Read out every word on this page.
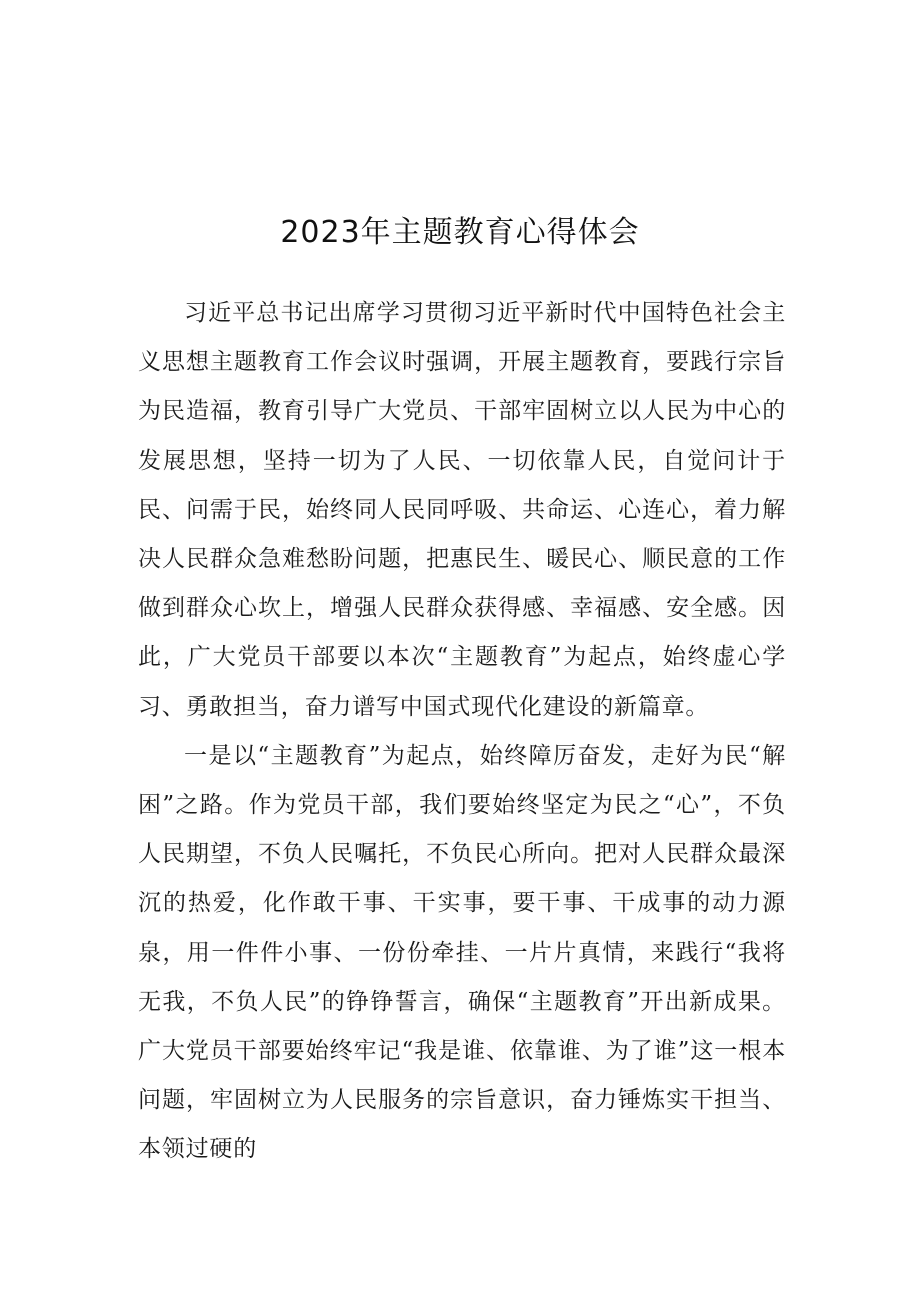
2023年主题教育心得体会

习近平总书记出席学习贯彻习近平新时代中国特色社会主义思想主题教育工作会议时强调，开展主题教育，要践行宗旨为民造福，教育引导广大党员、干部牢固树立以人民为中心的发展思想，坚持一切为了人民、一切依靠人民，自觉问计于民、问需于民，始终同人民同呼吸、共命运、心连心，着力解决人民群众急难愁盼问题，把惠民生、暖民心、顺民意的工作做到群众心坎上，增强人民群众获得感、幸福感、安全感。因此，广大党员干部要以本次“主题教育”为起点，始终虚心学习、勇敢担当，奋力谱写中国式现代化建设的新篇章。

一是以“主题教育”为起点，始终障厉奋发，走好为民“解困”之路。作为党员干部，我们要始终坚定为民之“心”，不负人民期望，不负人民嘱托，不负民心所向。把对人民群众最深沉的热爱，化作敢干事、干实事，要干事、干成事的动力源泉，用一件件小事、一份份牵挂、一片片真情，来践行“我将无我，不负人民”的铮铮誓言，确保“主题教育”开出新成果。广大党员干部要始终牢记“我是谁、依靠谁、为了谁”这一根本问题，牢固树立为人民服务的宗旨意识，奋力锤炼实干担当、本领过硬的
